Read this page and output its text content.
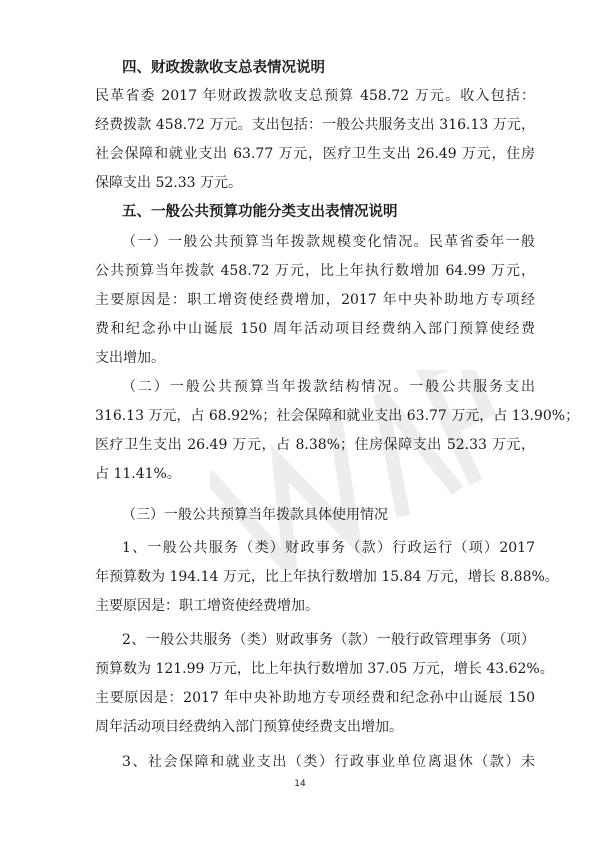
四、财政拨款收支总表情况说明
民革省委 2017 年财政拨款收支总预算 458.72 万元。收入包括：
经费拨款 458.72 万元。支出包括：一般公共服务支出 316.13 万元，
社会保障和就业支出 63.77 万元，医疗卫生支出 26.49 万元，住房
保障支出 52.33 万元。
五、一般公共预算功能分类支出表情况说明
（一）一般公共预算当年拨款规模变化情况。民革省委年一般
公共预算当年拨款 458.72 万元，比上年执行数增加 64.99 万元，
主要原因是：职工增资使经费增加，2017 年中央补助地方专项经
费和纪念孙中山诞辰 150 周年活动项目经费纳入部门预算使经费
支出增加。
（二）一般公共预算当年拨款结构情况。一般公共服务支出
316.13 万元，占 68.92%；社会保障和就业支出 63.77 万元，占 13.90%；
医疗卫生支出 26.49 万元，占 8.38%；住房保障支出 52.33 万元，
占 11.41%。
（三）一般公共预算当年拨款具体使用情况
1、一般公共服务（类）财政事务（款）行政运行（项）2017
年预算数为 194.14 万元，比上年执行数增加 15.84 万元，增长 8.88%。
主要原因是：职工增资使经费增加。
2、一般公共服务（类）财政事务（款）一般行政管理事务（项）
预算数为 121.99 万元，比上年执行数增加 37.05 万元，增长 43.62%。
主要原因是：2017 年中央补助地方专项经费和纪念孙中山诞辰 150
周年活动项目经费纳入部门预算使经费支出增加。
3、社会保障和就业支出（类）行政事业单位离退休（款）未
14
